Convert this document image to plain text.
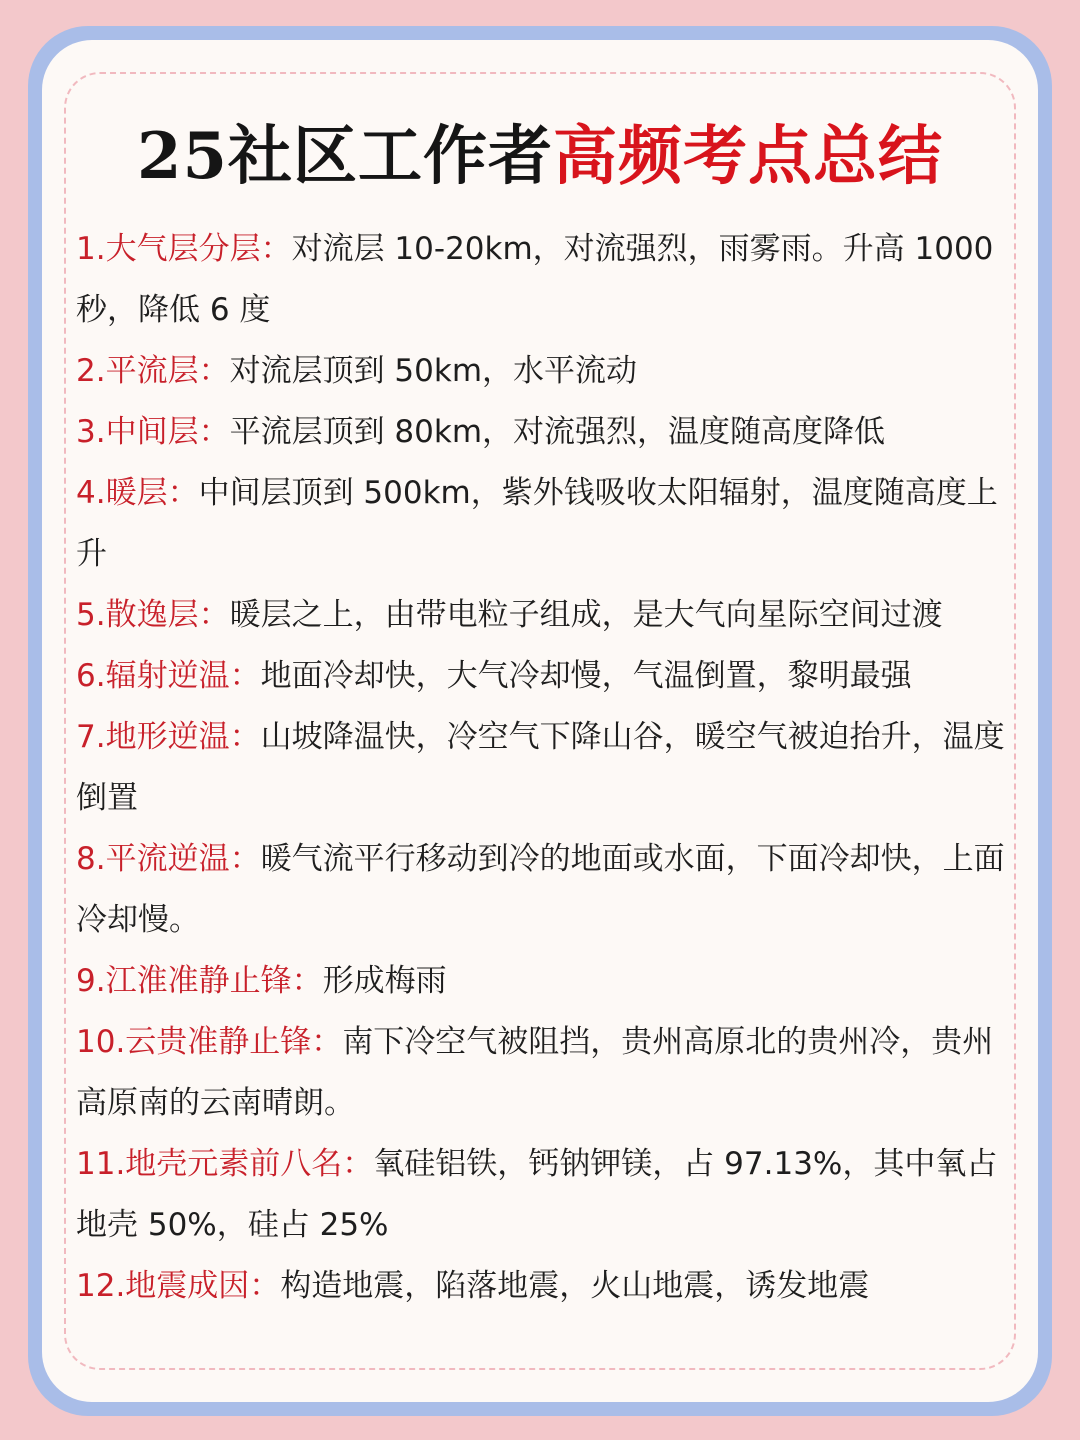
25社区工作者高频考点总结

1.大气层分层：对流层 10-20km，对流强烈，雨雾雨。升高 1000 秒，降低 6 度

2.平流层：对流层顶到 50km，水平流动

3.中间层：平流层顶到 80km，对流强烈，温度随高度降低

4.暖层：中间层顶到 500km，紫外钱吸收太阳辐射，温度随高度上升

5.散逸层：暖层之上，由带电粒子组成，是大气向星际空间过渡

6.辐射逆温：地面冷却快，大气冷却慢，气温倒置，黎明最强

7.地形逆温：山坡降温快，冷空气下降山谷，暖空气被迫抬升，温度倒置

8.平流逆温：暖气流平行移动到冷的地面或水面，下面冷却快，上面冷却慢。

9.江淮准静止锋：形成梅雨

10.云贵准静止锋：南下冷空气被阻挡，贵州高原北的贵州冷，贵州高原南的云南晴朗。

11.地壳元素前八名：氧硅铝铁，钙钠钾镁，占 97.13%，其中氧占地壳 50%，硅占 25%

12.地震成因：构造地震，陷落地震，火山地震，诱发地震
